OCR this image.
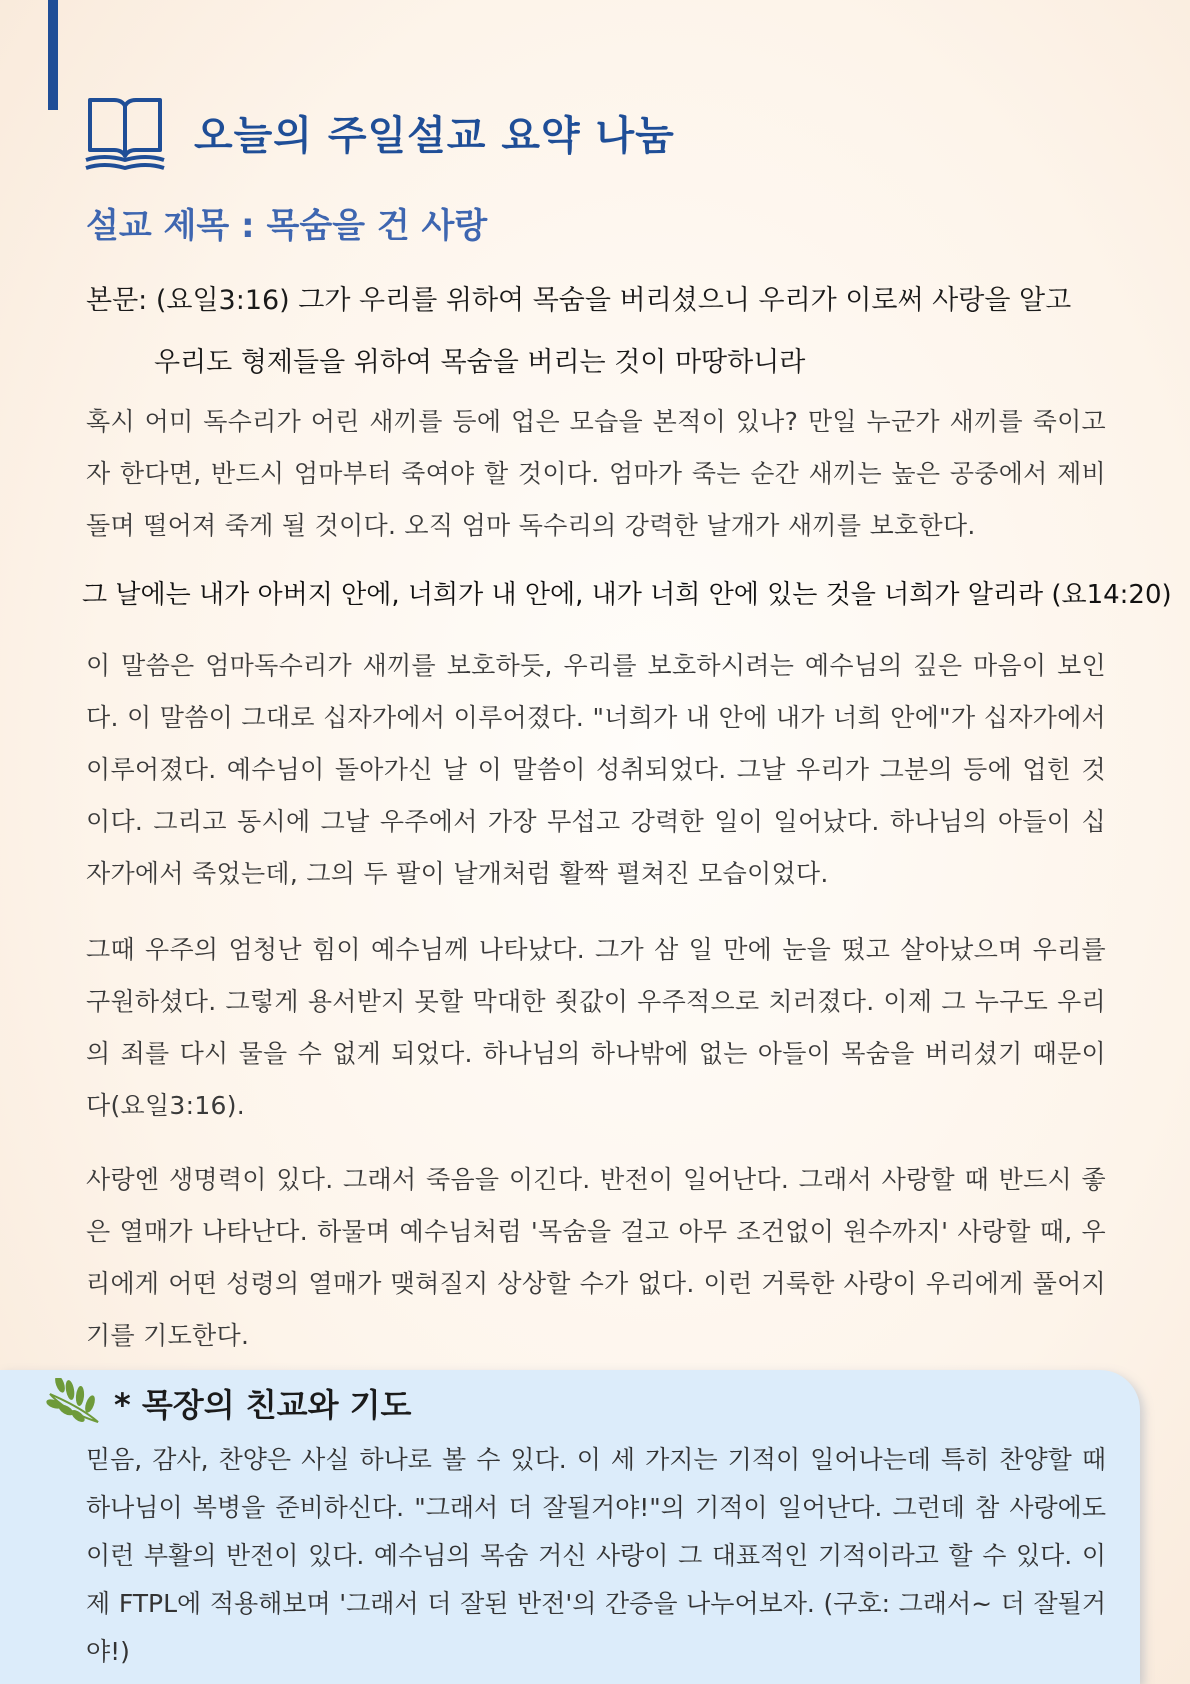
오늘의 주일설교 요약 나눔
설교 제목 : 목숨을 건 사랑
본문: (요일3:16) 그가 우리를 위하여 목숨을 버리셨으니 우리가 이로써 사랑을 알고
우리도 형제들을 위하여 목숨을 버리는 것이 마땅하니라
혹시 어미 독수리가 어린 새끼를 등에 업은 모습을 본적이 있나? 만일 누군가 새끼를 죽이고자 한다면, 반드시 엄마부터 죽여야 할 것이다. 엄마가 죽는 순간 새끼는 높은 공중에서 제비돌며 떨어져 죽게 될 것이다. 오직 엄마 독수리의 강력한 날개가 새끼를 보호한다.
그 날에는 내가 아버지 안에, 너희가 내 안에, 내가 너희 안에 있는 것을 너희가 알리라 (요14:20)
이 말씀은 엄마독수리가 새끼를 보호하듯, 우리를 보호하시려는 예수님의 깊은 마음이 보인다. 이 말씀이 그대로 십자가에서 이루어졌다. "너희가 내 안에 내가 너희 안에"가 십자가에서 이루어졌다. 예수님이 돌아가신 날 이 말씀이 성취되었다. 그날 우리가 그분의 등에 업힌 것이다. 그리고 동시에 그날 우주에서 가장 무섭고 강력한 일이 일어났다. 하나님의 아들이 십자가에서 죽었는데, 그의 두 팔이 날개처럼 활짝 펼쳐진 모습이었다.
그때 우주의 엄청난 힘이 예수님께 나타났다. 그가 삼 일 만에 눈을 떴고 살아났으며 우리를 구원하셨다. 그렇게 용서받지 못할 막대한 죗값이 우주적으로 치러졌다. 이제 그 누구도 우리의 죄를 다시 물을 수 없게 되었다. 하나님의 하나밖에 없는 아들이 목숨을 버리셨기 때문이다(요일3:16).
사랑엔 생명력이 있다. 그래서 죽음을 이긴다. 반전이 일어난다. 그래서 사랑할 때 반드시 좋은 열매가 나타난다. 하물며 예수님처럼 '목숨을 걸고 아무 조건없이 원수까지' 사랑할 때, 우리에게 어떤 성령의 열매가 맺혀질지 상상할 수가 없다. 이런 거룩한 사랑이 우리에게 풀어지기를 기도한다.
* 목장의 친교와 기도
믿음, 감사, 찬양은 사실 하나로 볼 수 있다. 이 세 가지는 기적이 일어나는데 특히 찬양할 때 하나님이 복병을 준비하신다. "그래서 더 잘될거야!"의 기적이 일어난다. 그런데 참 사랑에도 이런 부활의 반전이 있다. 예수님의 목숨 거신 사랑이 그 대표적인 기적이라고 할 수 있다. 이제 FTPL에 적용해보며 '그래서 더 잘된 반전'의 간증을 나누어보자. (구호: 그래서~ 더 잘될거야!)
